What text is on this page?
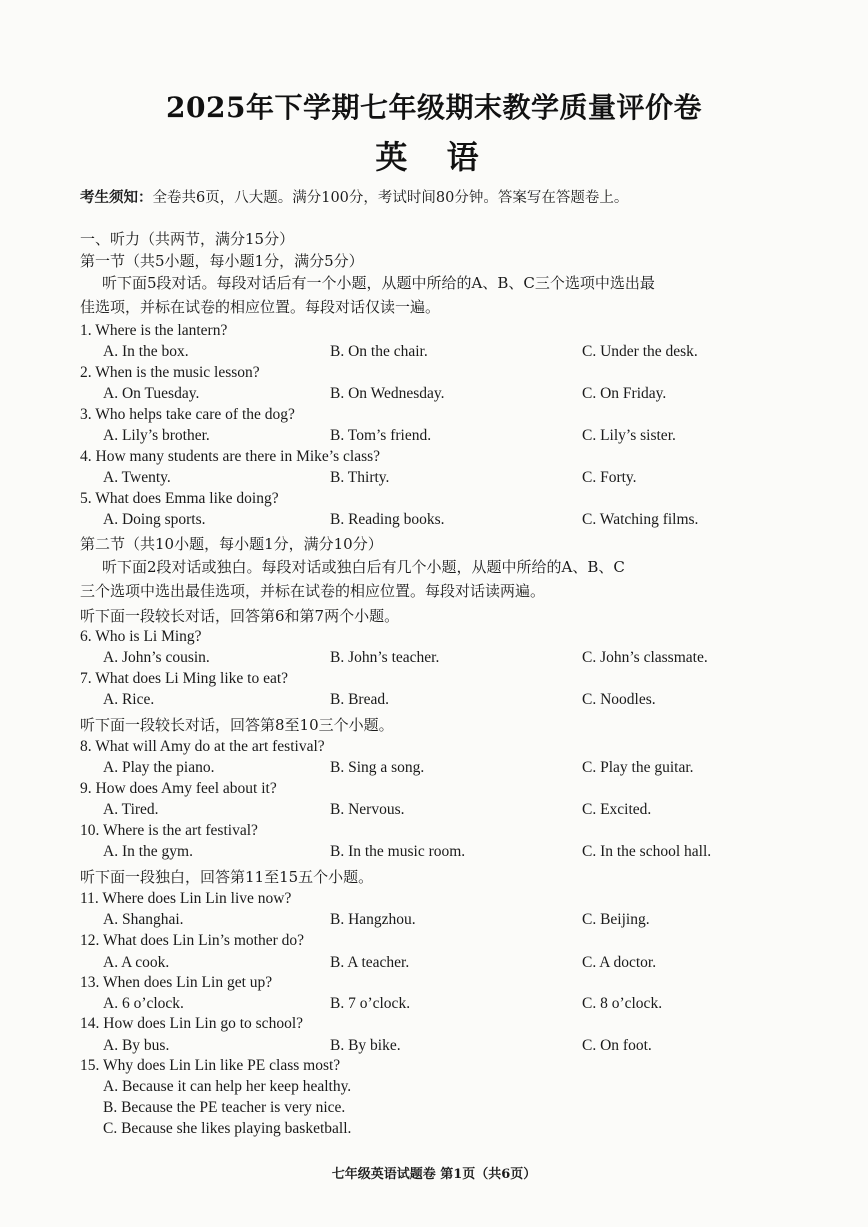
2025年下学期七年级期末教学质量评价卷
英 语
考生须知：全卷共6页，八大题。满分100分，考试时间80分钟。答案写在答题卷上。
一、听力（共两节，满分15分）
第一节（共5小题，每小题1分，满分5分）
听下面5段对话。每段对话后有一个小题，从题中所给的A、B、C三个选项中选出最
佳选项，并标在试卷的相应位置。每段对话仅读一遍。
1. Where is the lantern?
A. In the box.	B. On the chair.	C. Under the desk.
2. When is the music lesson?
A. On Tuesday.	B. On Wednesday.	C. On Friday.
3. Who helps take care of the dog?
A. Lily’s brother.	B. Tom’s friend.	C. Lily’s sister.
4. How many students are there in Mike’s class?
A. Twenty.	B. Thirty.	C. Forty.
5. What does Emma like doing?
A. Doing sports.	B. Reading books.	C. Watching films.
第二节（共10小题，每小题1分，满分10分）
听下面2段对话或独白。每段对话或独白后有几个小题，从题中所给的A、B、C
三个选项中选出最佳选项，并标在试卷的相应位置。每段对话读两遍。
听下面一段较长对话，回答第6和第7两个小题。
6. Who is Li Ming?
A. John’s cousin.	B. John’s teacher.	C. John’s classmate.
7. What does Li Ming like to eat?
A. Rice.	B. Bread.	C. Noodles.
听下面一段较长对话，回答第8至10三个小题。
8. What will Amy do at the art festival?
A. Play the piano.	B. Sing a song.	C. Play the guitar.
9. How does Amy feel about it?
A. Tired.	B. Nervous.	C. Excited.
10. Where is the art festival?
A. In the gym.	B. In the music room.	C. In the school hall.
听下面一段独白，回答第11至15五个小题。
11. Where does Lin Lin live now?
A. Shanghai.	B. Hangzhou.	C. Beijing.
12. What does Lin Lin’s mother do?
A. A cook.	B. A teacher.	C. A doctor.
13. When does Lin Lin get up?
A. 6 o’clock.	B. 7 o’clock.	C. 8 o’clock.
14. How does Lin Lin go to school?
A. By bus.	B. By bike.	C. On foot.
15. Why does Lin Lin like PE class most?
A. Because it can help her keep healthy.
B. Because the PE teacher is very nice.
C. Because she likes playing basketball.
七年级英语试题卷 第1页（共6页）
